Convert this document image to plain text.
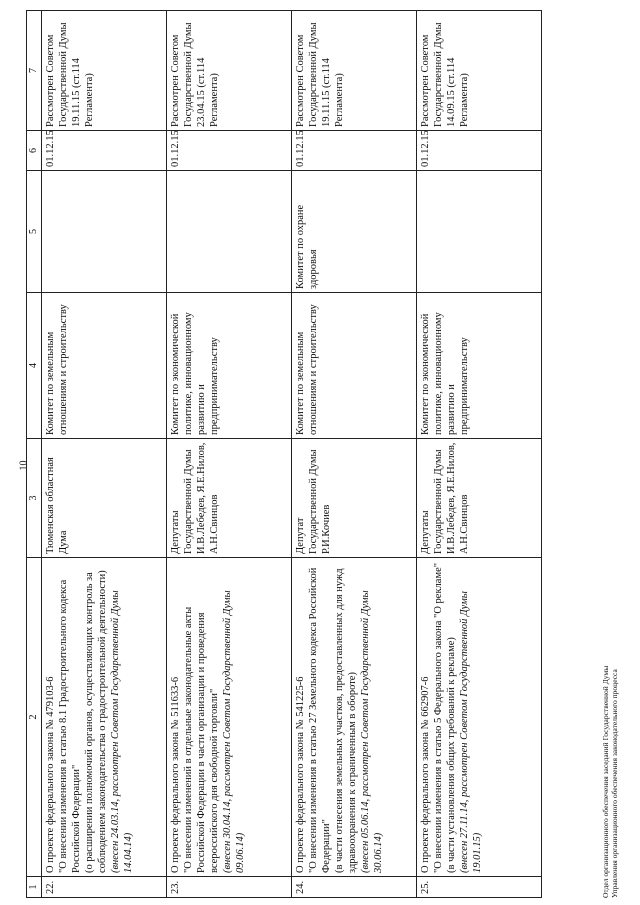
10
1	2	3	4	5	6	7
22.	О проекте федерального закона № 479103-6 "О внесении изменения в статью 8.1 Градостроительного кодекса Российской Федерации" (о расширении полномочий органов, осуществляющих контроль за соблюдением законодательства о градостроительной деятельности) (внесен 24.03.14, рассмотрен Советом Государственной Думы 14.04.14)	Тюменская областная Дума	Комитет по земельным отношениям и строительству		01.12.15	Рассмотрен Советом Государственной Думы 19.11.15 (ст.114 Регламента)
23.	О проекте федерального закона № 511633-6 "О внесении изменений в отдельные законодательные акты Российской Федерации в части организации и проведения всероссийского дня свободной торговли" (внесен 30.04.14, рассмотрен Советом Государственной Думы 09.06.14)	Депутаты Государственной Думы И.В.Лебедев, Я.Е.Нилов, А.Н.Свинцов	Комитет по экономической политике, инновационному развитию и предпринимательству		01.12.15	Рассмотрен Советом Государственной Думы 23.04.15 (ст.114 Регламента)
24.	О проекте федерального закона № 541225-6 "О внесении изменения в статью 27 Земельного кодекса Российской Федерации" (в части отнесения земельных участков, предоставленных для нужд здравоохранения к ограниченным в обороте) (внесен 05.06.14, рассмотрен Советом Государственной Думы 30.06.14)	Депутат Государственной Думы Р.И.Кочиев	Комитет по земельным отношениям и строительству	Комитет по охране здоровья	01.12.15	Рассмотрен Советом Государственной Думы 19.11.15 (ст.114 Регламента)
25.	О проекте федерального закона № 662907-6 "О внесении изменения в статью 5 Федерального закона "О рекламе" (в части установления общих требований к рекламе) (внесен 27.11.14, рассмотрен Советом Государственной Думы 19.01.15)	Депутаты Государственной Думы И.В.Лебедев, Я.Е.Нилов, А.Н.Свинцов	Комитет по экономической политике, инновационному развитию и предпринимательству		01.12.15	Рассмотрен Советом Государственной Думы 14.09.15 (ст.114 Регламента)
Отдел организационного обеспечения заседаний Государственной Думы Управления организационного обеспечения законодательного процесса
